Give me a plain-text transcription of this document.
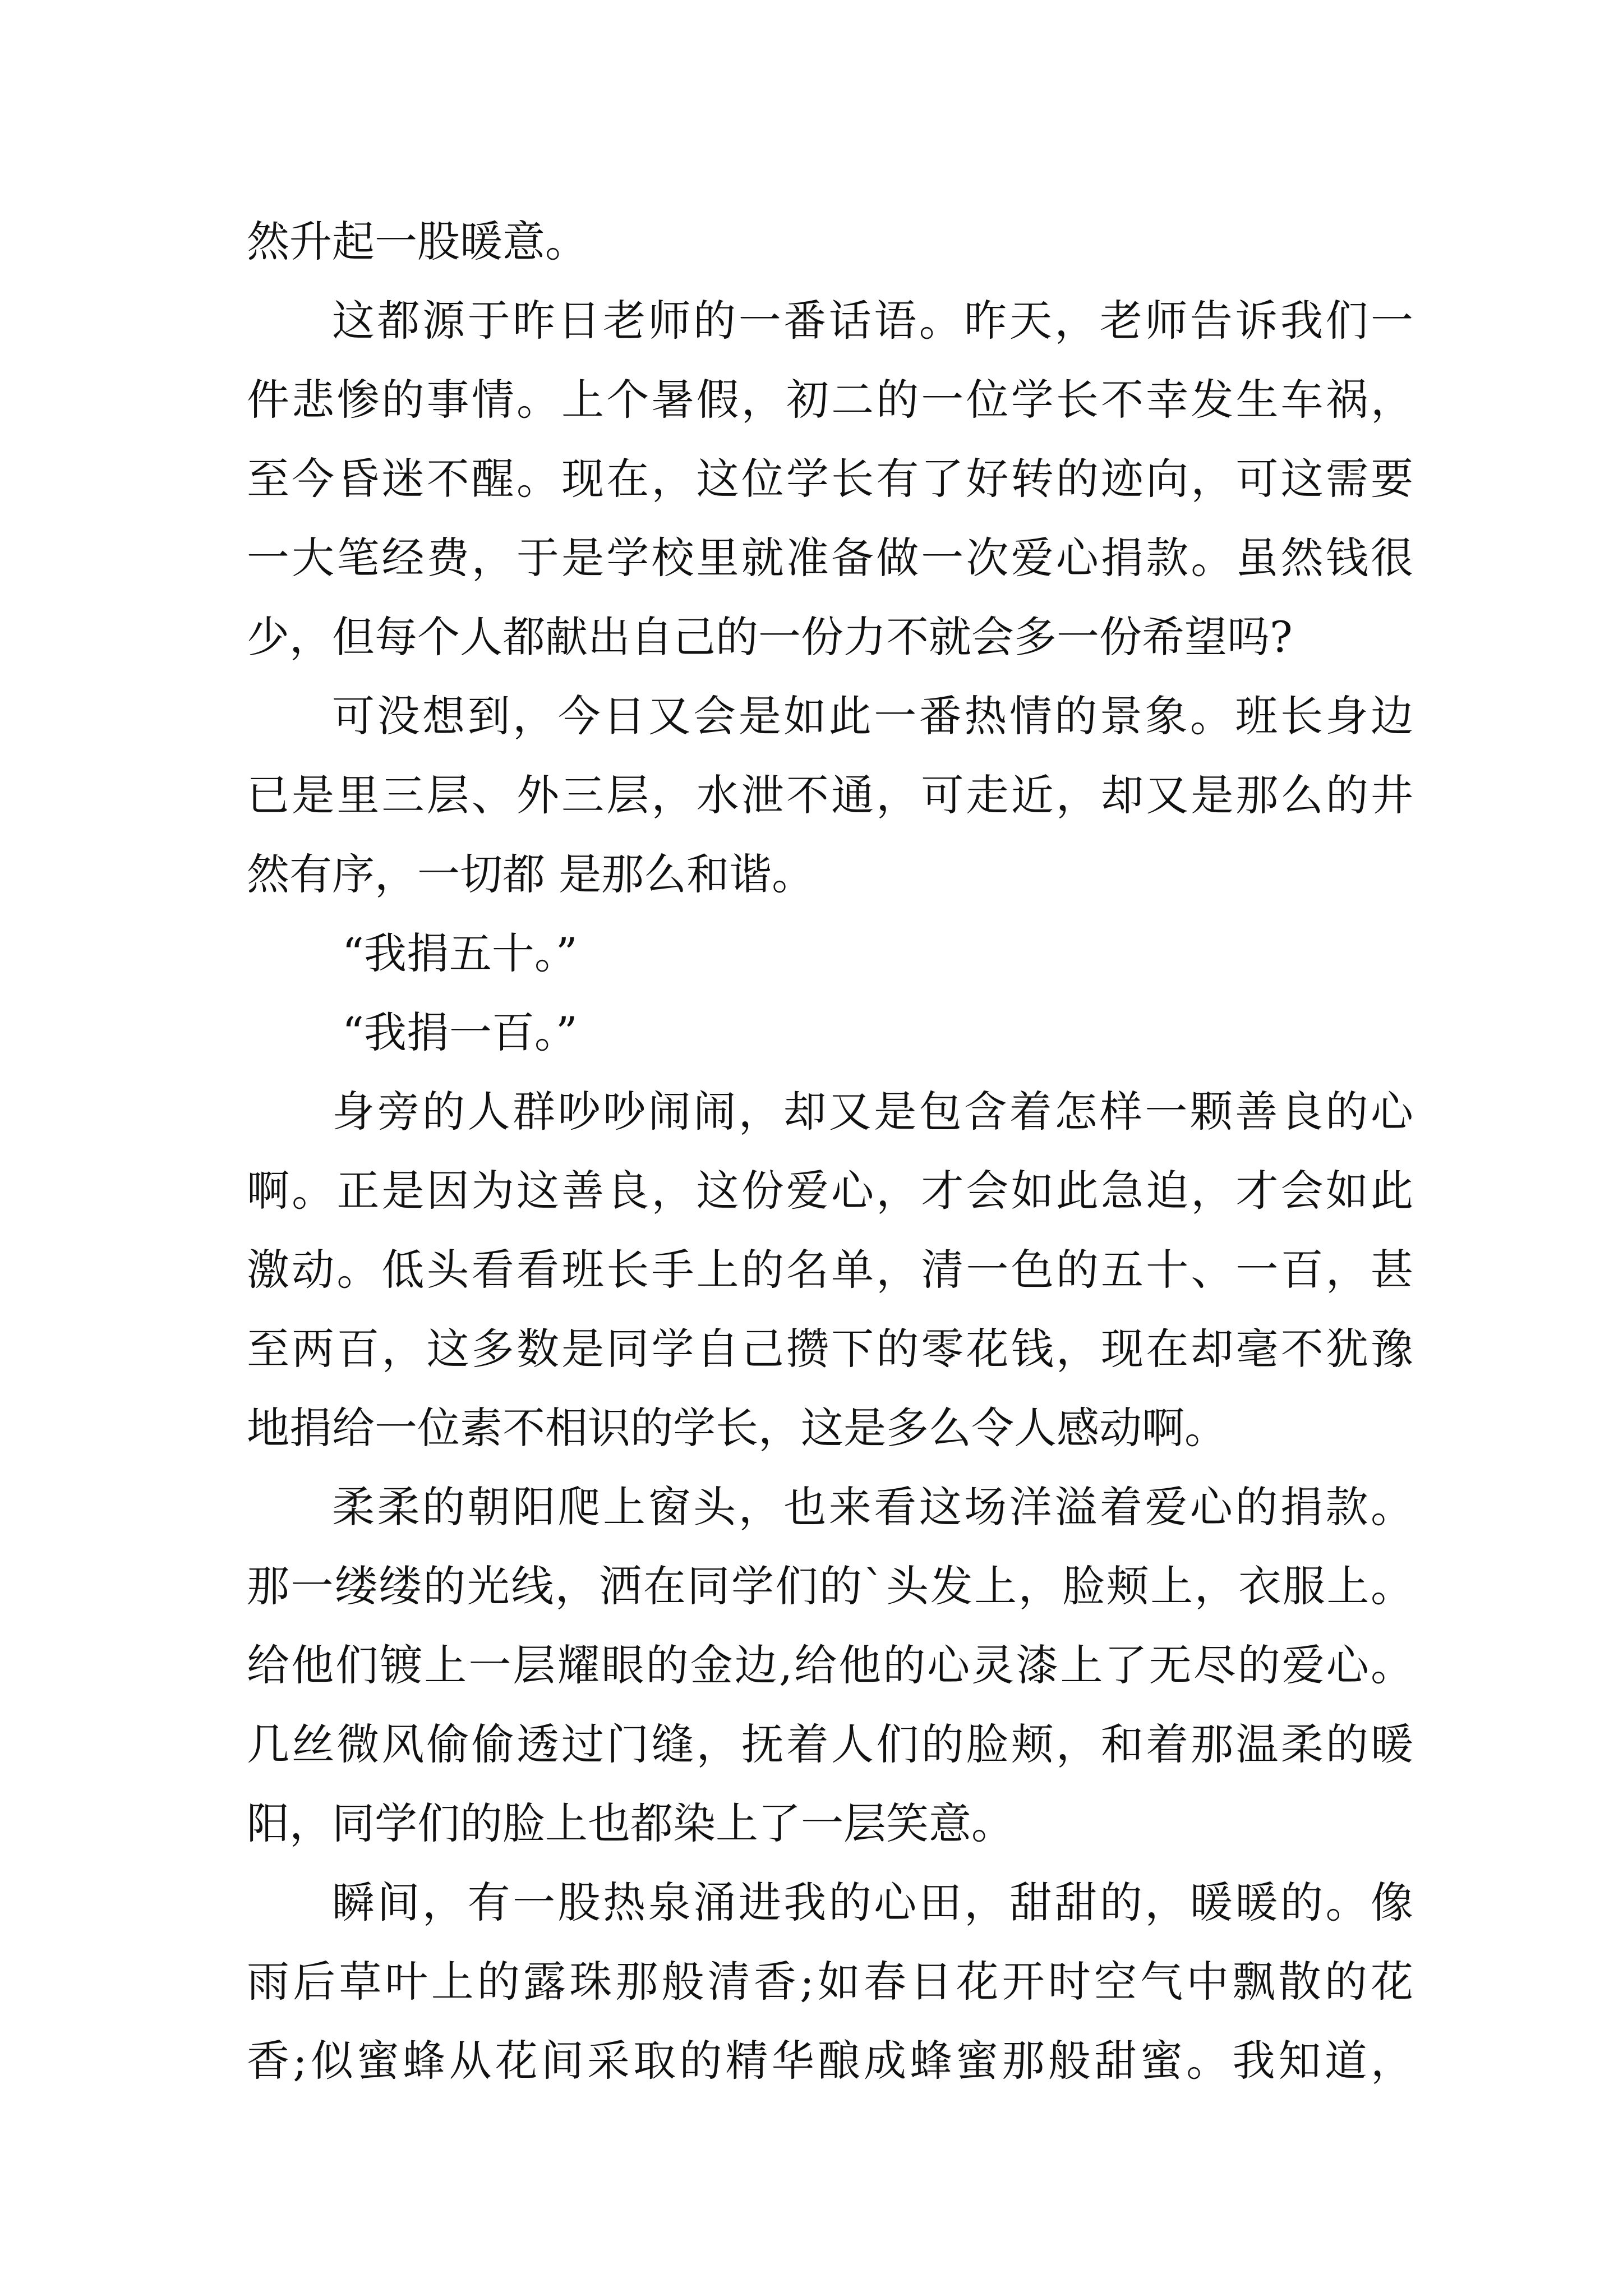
然升起一股暖意。
这都源于昨日老师的一番话语。昨天，老师告诉我们一
件悲惨的事情。上个暑假，初二的一位学长不幸发生车祸，
至今昏迷不醒。现在，这位学长有了好转的迹向，可这需要
一大笔经费，于是学校里就准备做一次爱心捐款。虽然钱很
少，但每个人都献出自己的一份力不就会多一份希望吗?
可没想到，今日又会是如此一番热情的景象。班长身边
已是里三层、外三层，水泄不通，可走近，却又是那么的井
然有序，一切都 是那么和谐。
“我捐五十。”
“我捐一百。”
身旁的人群吵吵闹闹，却又是包含着怎样一颗善良的心
啊。正是因为这善良，这份爱心，才会如此急迫，才会如此
激动。低头看看班长手上的名单，清一色的五十、一百，甚
至两百，这多数是同学自己攒下的零花钱，现在却毫不犹豫
地捐给一位素不相识的学长，这是多么令人感动啊。
柔柔的朝阳爬上窗头，也来看这场洋溢着爱心的捐款。
那一缕缕的光线，洒在同学们的`头发上，脸颊上，衣服上。
给他们镀上一层耀眼的金边,给他的心灵漆上了无尽的爱心。
几丝微风偷偷透过门缝，抚着人们的脸颊，和着那温柔的暖
阳，同学们的脸上也都染上了一层笑意。
瞬间，有一股热泉涌进我的心田，甜甜的，暖暖的。像
雨后草叶上的露珠那般清香;如春日花开时空气中飘散的花
香;似蜜蜂从花间采取的精华酿成蜂蜜那般甜蜜。我知道，
